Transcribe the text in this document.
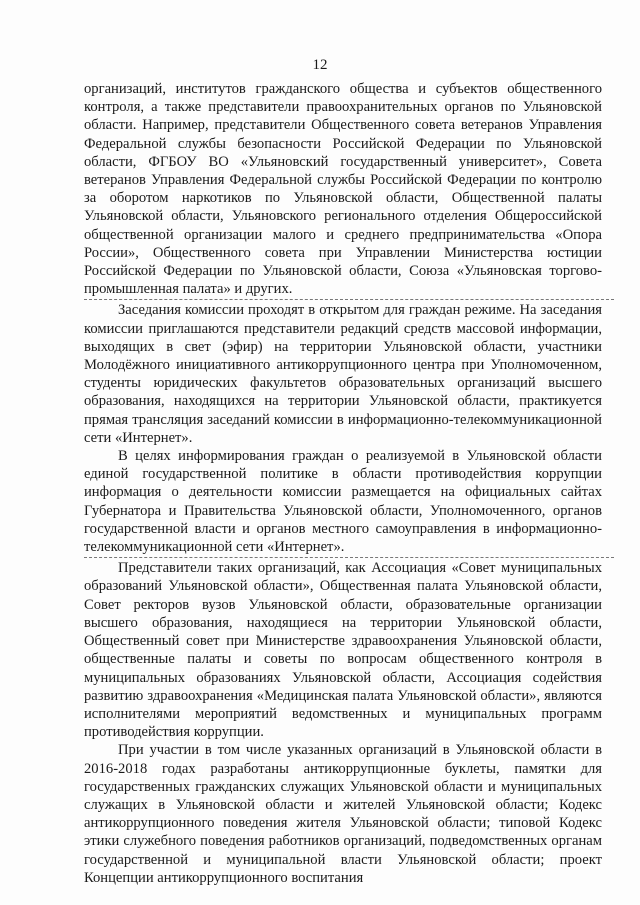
12

организаций, институтов гражданского общества и субъектов общественного контроля, а также представители правоохранительных органов по Ульяновской области. Например, представители Общественного совета ветеранов Управления Федеральной службы безопасности Российской Федерации по Ульяновской области, ФГБОУ ВО «Ульяновский государственный университет», Совета ветеранов Управления Федеральной службы Российской Федерации по контролю за оборотом наркотиков по Ульяновской области, Общественной палаты Ульяновской области, Ульяновского регионального отделения Общероссийской общественной организации малого и среднего предпринимательства «Опора России», Общественного совета при Управлении Министерства юстиции Российской Федерации по Ульяновской области, Союза «Ульяновская торгово-промышленная палата» и других.

Заседания комиссии проходят в открытом для граждан режиме. На заседания комиссии приглашаются представители редакций средств массовой информации, выходящих в свет (эфир) на территории Ульяновской области, участники Молодёжного инициативного антикоррупционного центра при Уполномоченном, студенты юридических факультетов образовательных организаций высшего образования, находящихся на территории Ульяновской области, практикуется прямая трансляция заседаний комиссии в информационно-телекоммуникационной сети «Интернет».

В целях информирования граждан о реализуемой в Ульяновской области единой государственной политике в области противодействия коррупции информация о деятельности комиссии размещается на официальных сайтах Губернатора и Правительства Ульяновской области, Уполномоченного, органов государственной власти и органов местного самоуправления в информационно-телекоммуникационной сети «Интернет».

Представители таких организаций, как Ассоциация «Совет муниципальных образований Ульяновской области», Общественная палата Ульяновской области, Совет ректоров вузов Ульяновской области, образовательные организации высшего образования, находящиеся на территории Ульяновской области, Общественный совет при Министерстве здравоохранения Ульяновской области, общественные палаты и советы по вопросам общественного контроля в муниципальных образованиях Ульяновской области, Ассоциация содействия развитию здравоохранения «Медицинская палата Ульяновской области», являются исполнителями мероприятий ведомственных и муниципальных программ противодействия коррупции.

При участии в том числе указанных организаций в Ульяновской области в 2016-2018 годах разработаны антикоррупционные буклеты, памятки для государственных гражданских служащих Ульяновской области и муниципальных служащих в Ульяновской области и жителей Ульяновской области; Кодекс антикоррупционного поведения жителя Ульяновской области; типовой Кодекс этики служебного поведения работников организаций, подведомственных органам государственной и муниципальной власти Ульяновской области; проект Концепции антикоррупционного воспитания
